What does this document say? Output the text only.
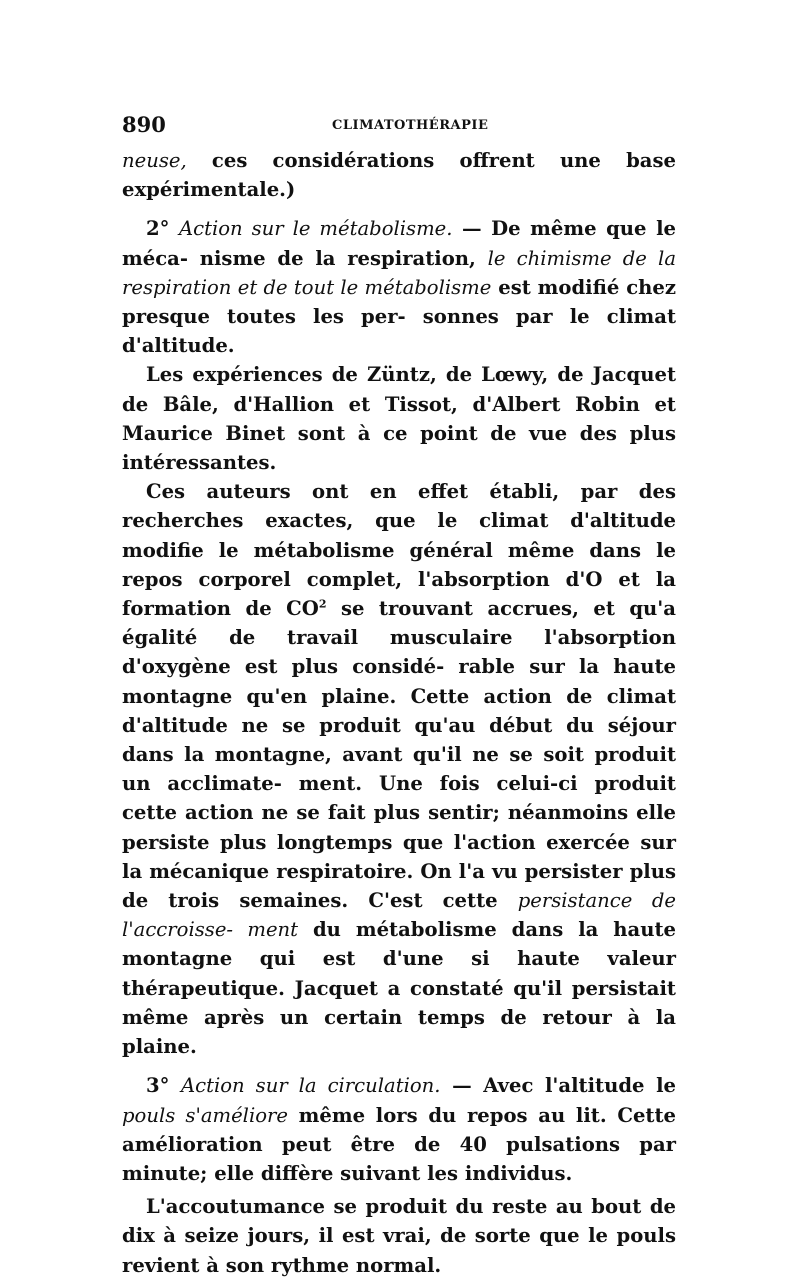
890	CLIMATOTHÉRAPIE

neuse, ces considérations offrent une base expérimentale.)

2° Action sur le métabolisme. — De même que le méca- nisme de la respiration, le chimisme de la respiration et de tout le métabolisme est modifié chez presque toutes les per- sonnes par le climat d'altitude.

Les expériences de Züntz, de Lœwy, de Jacquet de Bâle, d'Hallion et Tissot, d'Albert Robin et Maurice Binet sont à ce point de vue des plus intéressantes.

Ces auteurs ont en effet établi, par des recherches exactes, que le climat d'altitude modifie le métabolisme général même dans le repos corporel complet, l'absorption d'O et la formation de $CO^2$ se trouvant accrues, et qu'a égalité de travail musculaire l'absorption d'oxygène est plus considé- rable sur la haute montagne qu'en plaine. Cette action de climat d'altitude ne se produit qu'au début du séjour dans la montagne, avant qu'il ne se soit produit un acclimate- ment. Une fois celui-ci produit cette action ne se fait plus sentir; néanmoins elle persiste plus longtemps que l'action exercée sur la mécanique respiratoire. On l'a vu persister plus de trois semaines. C'est cette persistance de l'accroisse- ment du métabolisme dans la haute montagne qui est d'une si haute valeur thérapeutique. Jacquet a constaté qu'il persistait même après un certain temps de retour à la plaine.

3° Action sur la circulation. — Avec l'altitude le pouls s'améliore même lors du repos au lit. Cette amélioration peut être de 40 pulsations par minute; elle diffère suivant les individus.

L'accoutumance se produit du reste au bout de dix à seize jours, il est vrai, de sorte que le pouls revient à son rythme normal.
